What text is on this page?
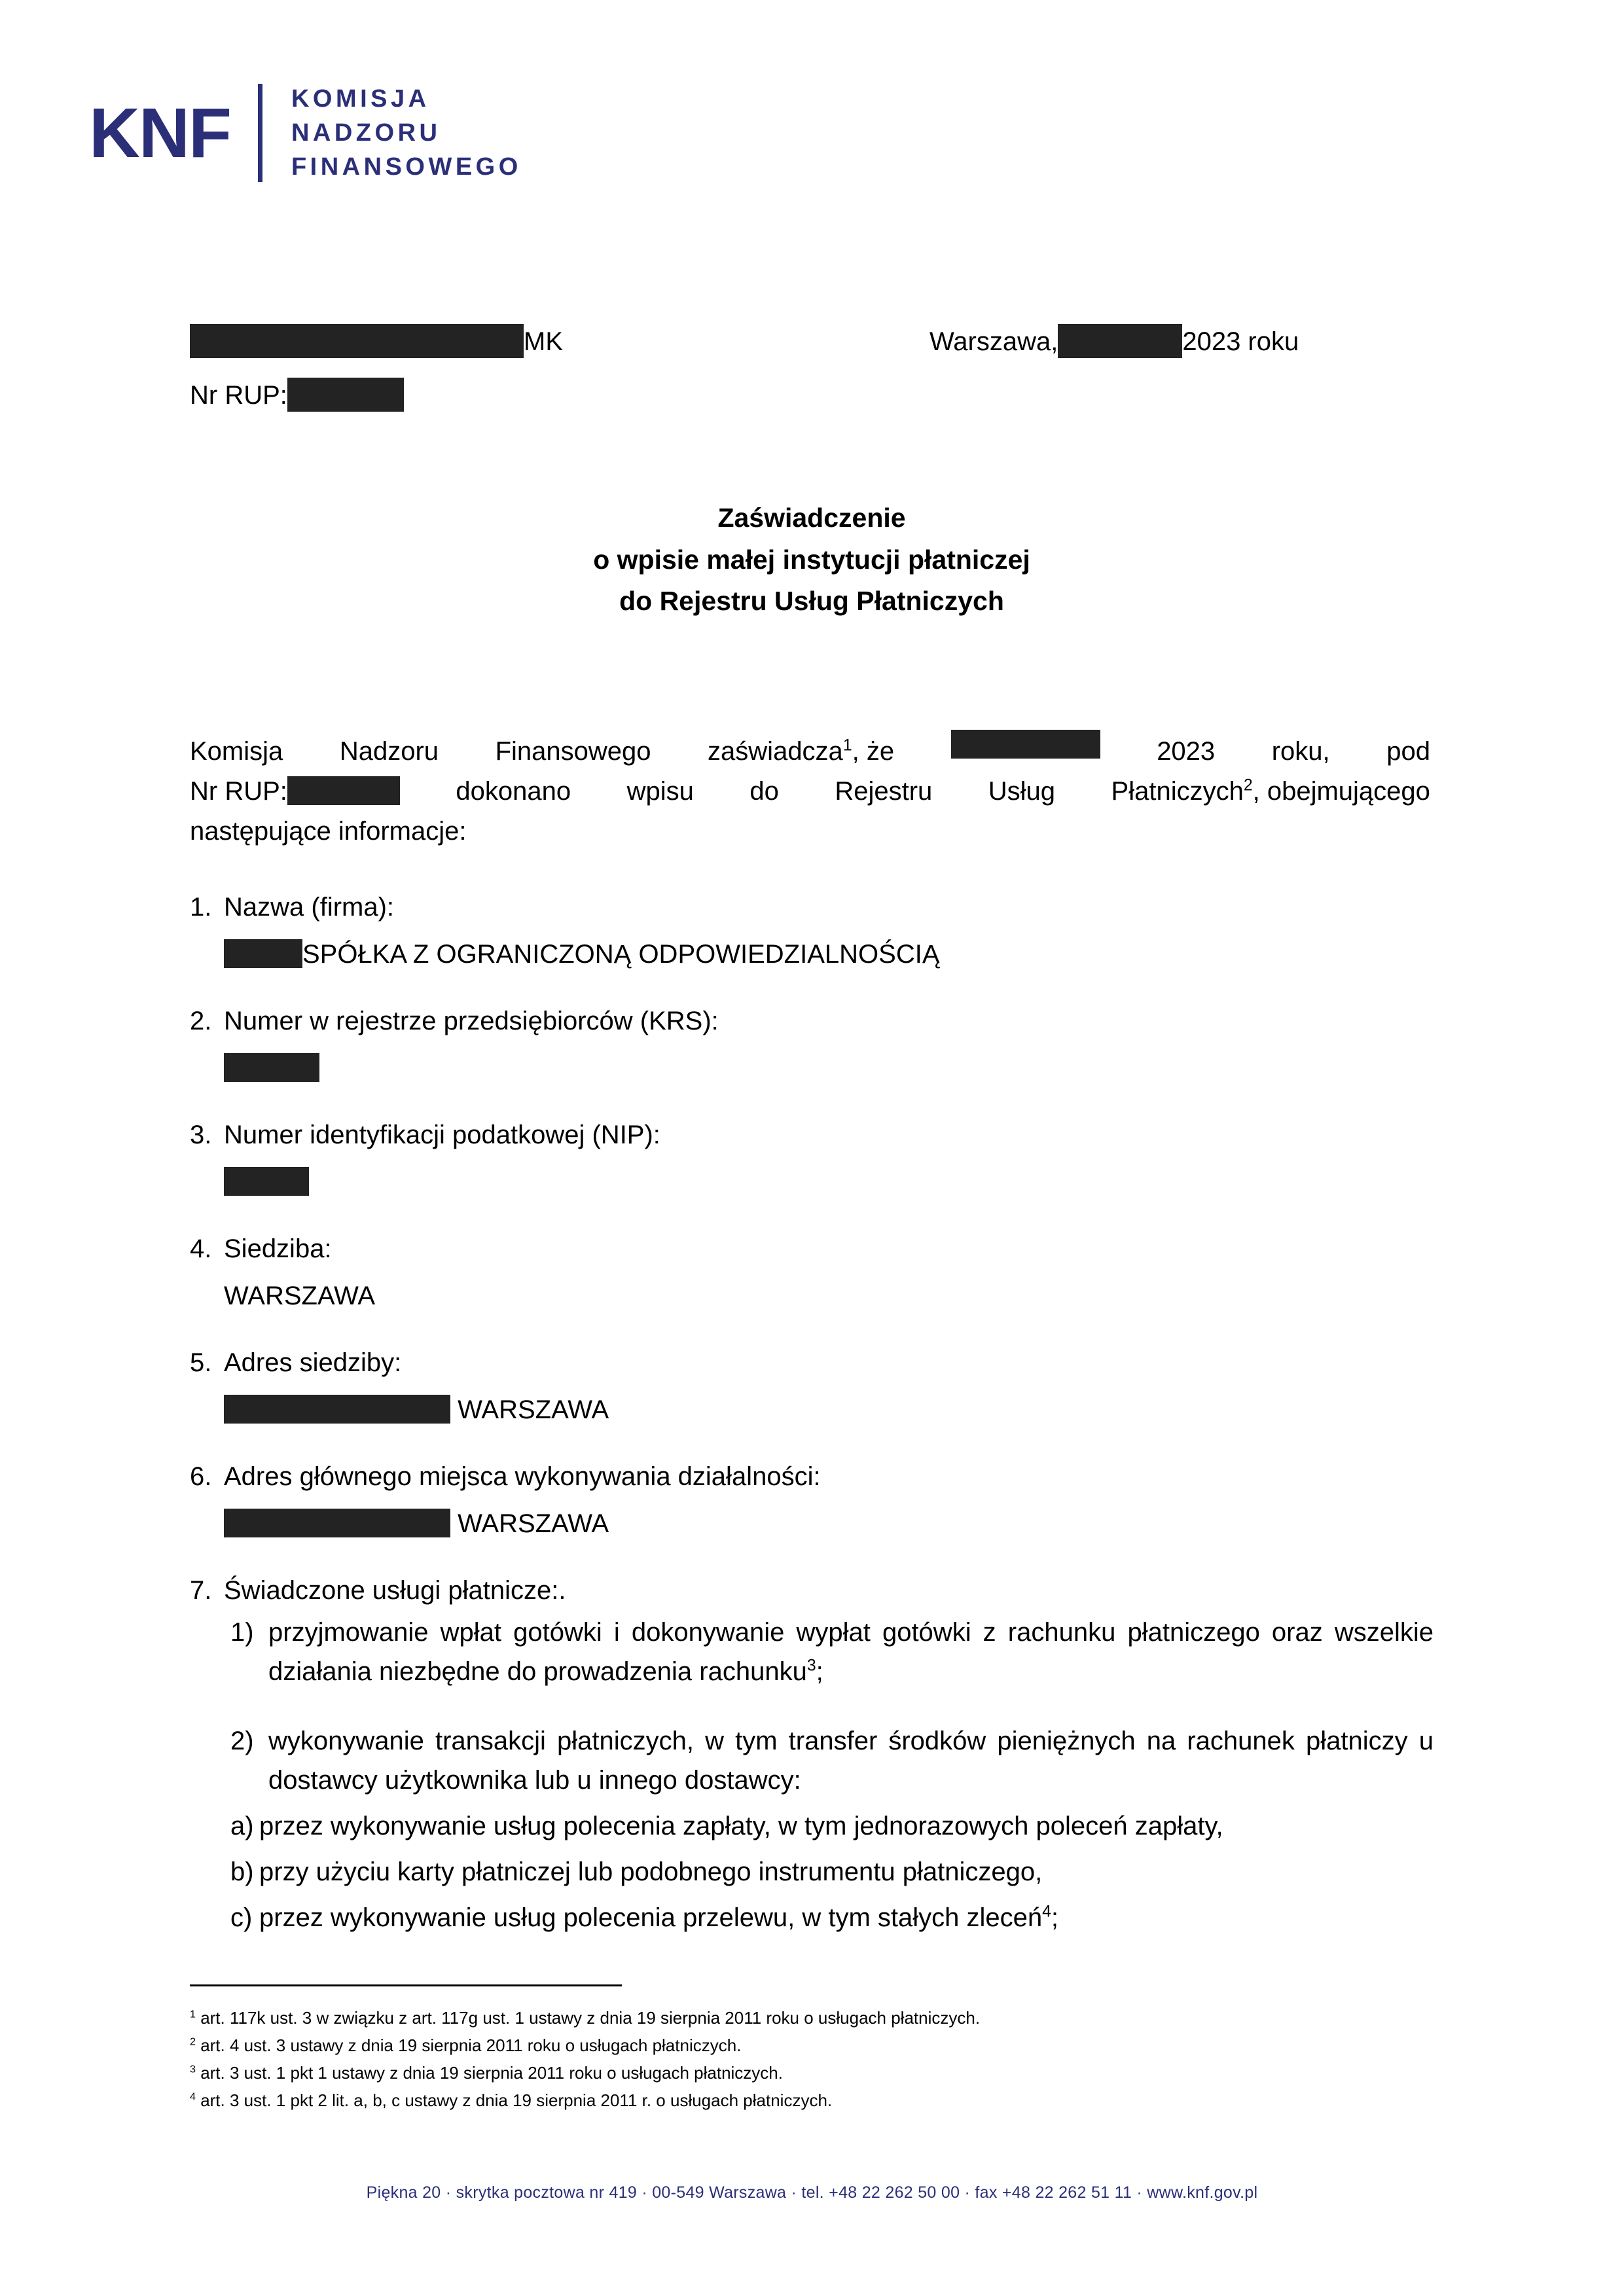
KNF	KOMISJA
NADZORU
FINANSOWEGO
MK	Warszawa,	2023 roku
Nr RUP:
Zaświadczenie
o wpisie małej instytucji płatniczej
do Rejestru Usług Płatniczych
Komisja Nadzoru Finansowego zaświadcza$^1$, że	2023 roku, pod
Nr RUP:	dokonano wpisu do Rejestru Usług Płatniczych$^2$, obejmującego
następujące informacje:
1. Nazwa (firma):
SPÓŁKA Z OGRANICZONĄ ODPOWIEDZIALNOŚCIĄ
2. Numer w rejestrze przedsiębiorców (KRS):
3. Numer identyfikacji podatkowej (NIP):
4. Siedziba:
WARSZAWA
5. Adres siedziby:
WARSZAWA
6. Adres głównego miejsca wykonywania działalności:
WARSZAWA
7. Świadczone usługi płatnicze:.
1) przyjmowanie wpłat gotówki i dokonywanie wypłat gotówki z rachunku płatniczego oraz wszelkie działania niezbędne do prowadzenia rachunku$^3$;
2) wykonywanie transakcji płatniczych, w tym transfer środków pieniężnych na rachunek płatniczy u dostawcy użytkownika lub u innego dostawcy:
a) przez wykonywanie usług polecenia zapłaty, w tym jednorazowych poleceń zapłaty,
b) przy użyciu karty płatniczej lub podobnego instrumentu płatniczego,
c) przez wykonywanie usług polecenia przelewu, w tym stałych zleceń$^4$;
$^1$ art. 117k ust. 3 w związku z art. 117g ust. 1 ustawy z dnia 19 sierpnia 2011 roku o usługach płatniczych.
$^2$ art. 4 ust. 3 ustawy z dnia 19 sierpnia 2011 roku o usługach płatniczych.
$^3$ art. 3 ust. 1 pkt 1 ustawy z dnia 19 sierpnia 2011 roku o usługach płatniczych.
$^4$ art. 3 ust. 1 pkt 2 lit. a, b, c ustawy z dnia 19 sierpnia 2011 r. o usługach płatniczych.
Piękna 20 · skrytka pocztowa nr 419 · 00-549 Warszawa · tel. +48 22 262 50 00 · fax +48 22 262 51 11 · www.knf.gov.pl
